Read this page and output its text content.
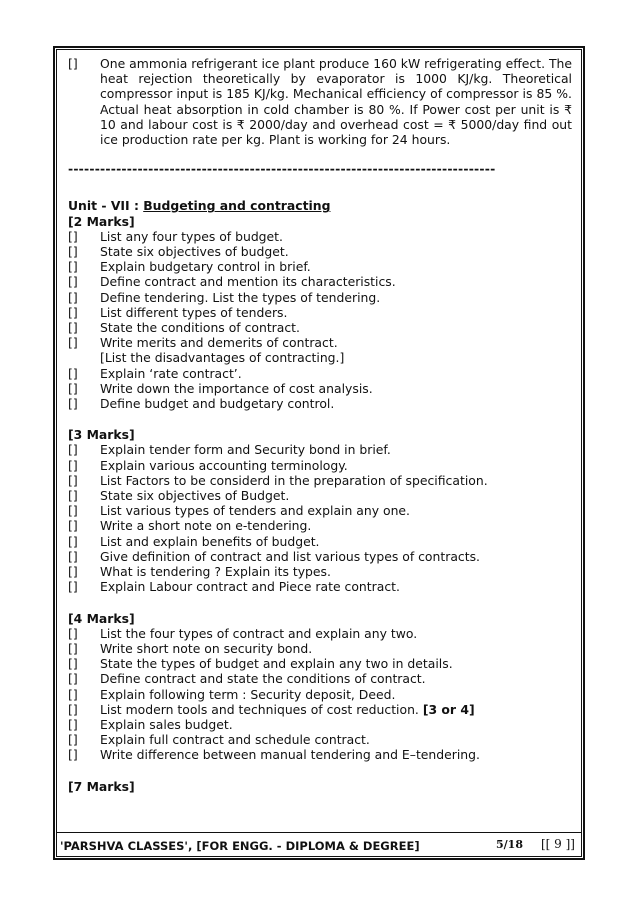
[]	One ammonia refrigerant ice plant produce 160 kW refrigerating effect. The heat rejection theoretically by evaporator is 1000 KJ/kg. Theoretical compressor input is 185 KJ/kg. Mechanical efficiency of compressor is 85 %. Actual heat absorption in cold chamber is 80 %. If Power cost per unit is ₹ 10 and labour cost is ₹ 2000/day and overhead cost = ₹ 5000/day find out ice production rate per kg. Plant is working for 24 hours.
--------------------------------------------------------------------------------
Unit - VII : Budgeting and contracting
[2 Marks]
[]	List any four types of budget.
[]	State six objectives of budget.
[]	Explain budgetary control in brief.
[]	Define contract and mention its characteristics.
[]	Define tendering. List the types of tendering.
[]	List different types of tenders.
[]	State the conditions of contract.
[]	Write merits and demerits of contract.
[List the disadvantages of contracting.]
[]	Explain ‘rate contract’.
[]	Write down the importance of cost analysis.
[]	Define budget and budgetary control.
[3 Marks]
[]	Explain tender form and Security bond in brief.
[]	Explain various accounting terminology.
[]	List Factors to be considerd in the preparation of specification.
[]	State six objectives of Budget.
[]	List various types of tenders and explain any one.
[]	Write a short note on e-tendering.
[]	List and explain benefits of budget.
[]	Give definition of contract and list various types of contracts.
[]	What is tendering ? Explain its types.
[]	Explain Labour contract and Piece rate contract.
[4 Marks]
[]	List the four types of contract and explain any two.
[]	Write short note on security bond.
[]	State the types of budget and explain any two in details.
[]	Define contract and state the conditions of contract.
[]	Explain following term : Security deposit, Deed.
[]	List modern tools and techniques of cost reduction. [3 or 4]
[]	Explain sales budget.
[]	Explain full contract and schedule contract.
[]	Write difference between manual tendering and E–tendering.
[7 Marks]
'PARSHVA CLASSES', [FOR ENGG. - DIPLOMA & DEGREE]	5/18 [[ 9 ]]
